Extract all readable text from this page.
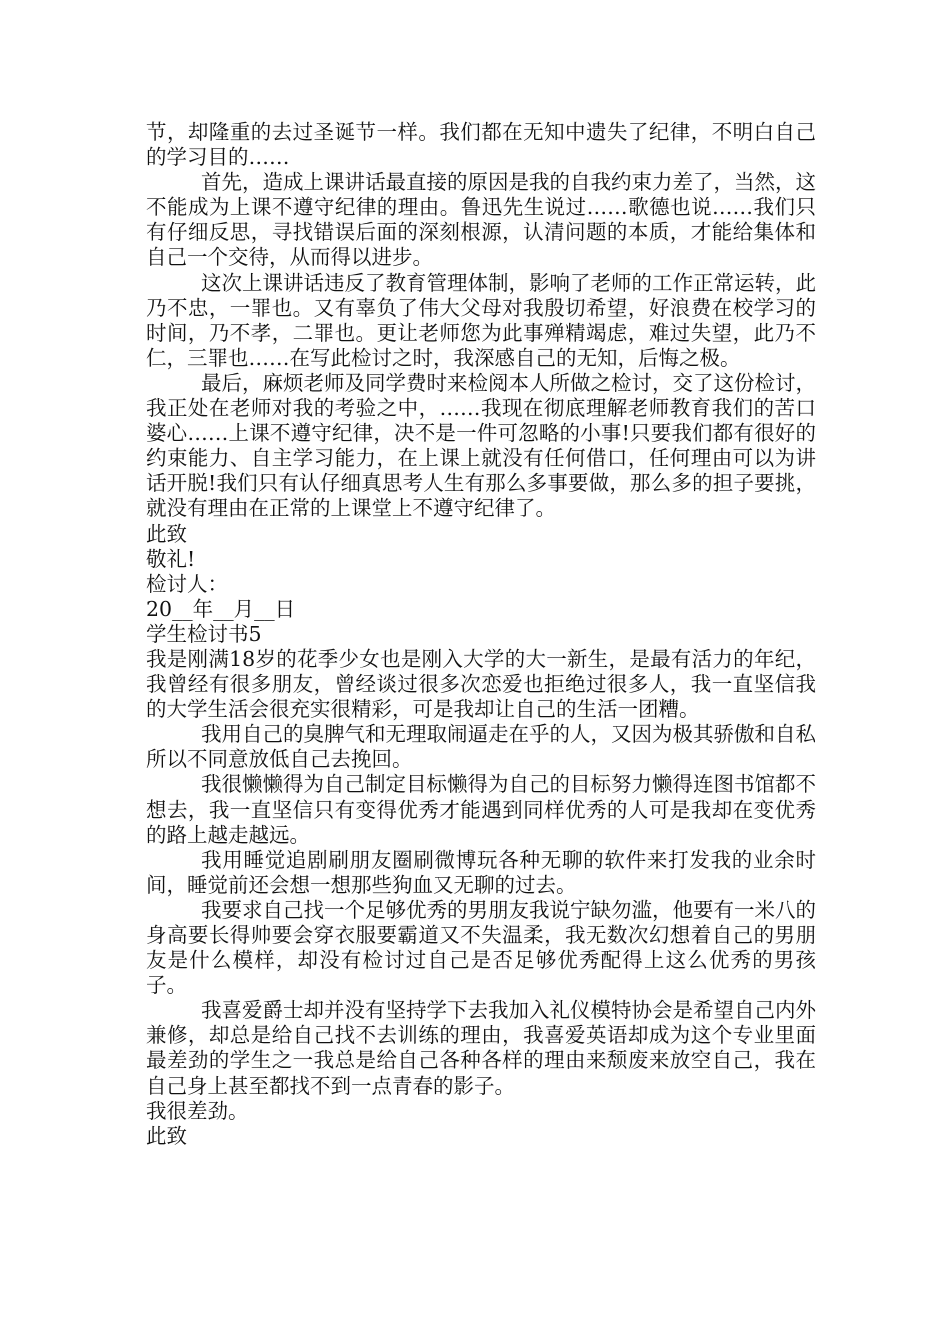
节，却隆重的去过圣诞节一样。我们都在无知中遗失了纪律，不明白自己的学习目的……

首先，造成上课讲话最直接的原因是我的自我约束力差了，当然，这不能成为上课不遵守纪律的理由。鲁迅先生说过……歌德也说……我们只有仔细反思，寻找错误后面的深刻根源，认清问题的本质，才能给集体和自己一个交待，从而得以进步。

这次上课讲话违反了教育管理体制，影响了老师的工作正常运转，此乃不忠，一罪也。又有辜负了伟大父母对我殷切希望，好浪费在校学习的时间，乃不孝，二罪也。更让老师您为此事殚精竭虑，难过失望，此乃不仁，三罪也……在写此检讨之时，我深感自己的无知，后悔之极。

最后，麻烦老师及同学费时来检阅本人所做之检讨，交了这份检讨，我正处在老师对我的考验之中，……我现在彻底理解老师教育我们的苦口婆心……上课不遵守纪律，决不是一件可忽略的小事!只要我们都有很好的约束能力、自主学习能力，在上课上就没有任何借口，任何理由可以为讲话开脱!我们只有认仔细真思考人生有那么多事要做，那么多的担子要挑，就没有理由在正常的上课堂上不遵守纪律了。

此致

敬礼!

检讨人：

20__年__月__日

学生检讨书5

我是刚满18岁的花季少女也是刚入大学的大一新生，是最有活力的年纪，我曾经有很多朋友，曾经谈过很多次恋爱也拒绝过很多人，我一直坚信我的大学生活会很充实很精彩，可是我却让自己的生活一团糟。

我用自己的臭脾气和无理取闹逼走在乎的人，又因为极其骄傲和自私所以不同意放低自己去挽回。

我很懒懒得为自己制定目标懒得为自己的目标努力懒得连图书馆都不想去，我一直坚信只有变得优秀才能遇到同样优秀的人可是我却在变优秀的路上越走越远。

我用睡觉追剧刷朋友圈刷微博玩各种无聊的软件来打发我的业余时间，睡觉前还会想一想那些狗血又无聊的过去。

我要求自己找一个足够优秀的男朋友我说宁缺勿滥，他要有一米八的身高要长得帅要会穿衣服要霸道又不失温柔，我无数次幻想着自己的男朋友是什么模样，却没有检讨过自己是否足够优秀配得上这么优秀的男孩子。

我喜爱爵士却并没有坚持学下去我加入礼仪模特协会是希望自己内外兼修，却总是给自己找不去训练的理由，我喜爱英语却成为这个专业里面最差劲的学生之一我总是给自己各种各样的理由来颓废来放空自己，我在自己身上甚至都找不到一点青春的影子。

我很差劲。

此致
